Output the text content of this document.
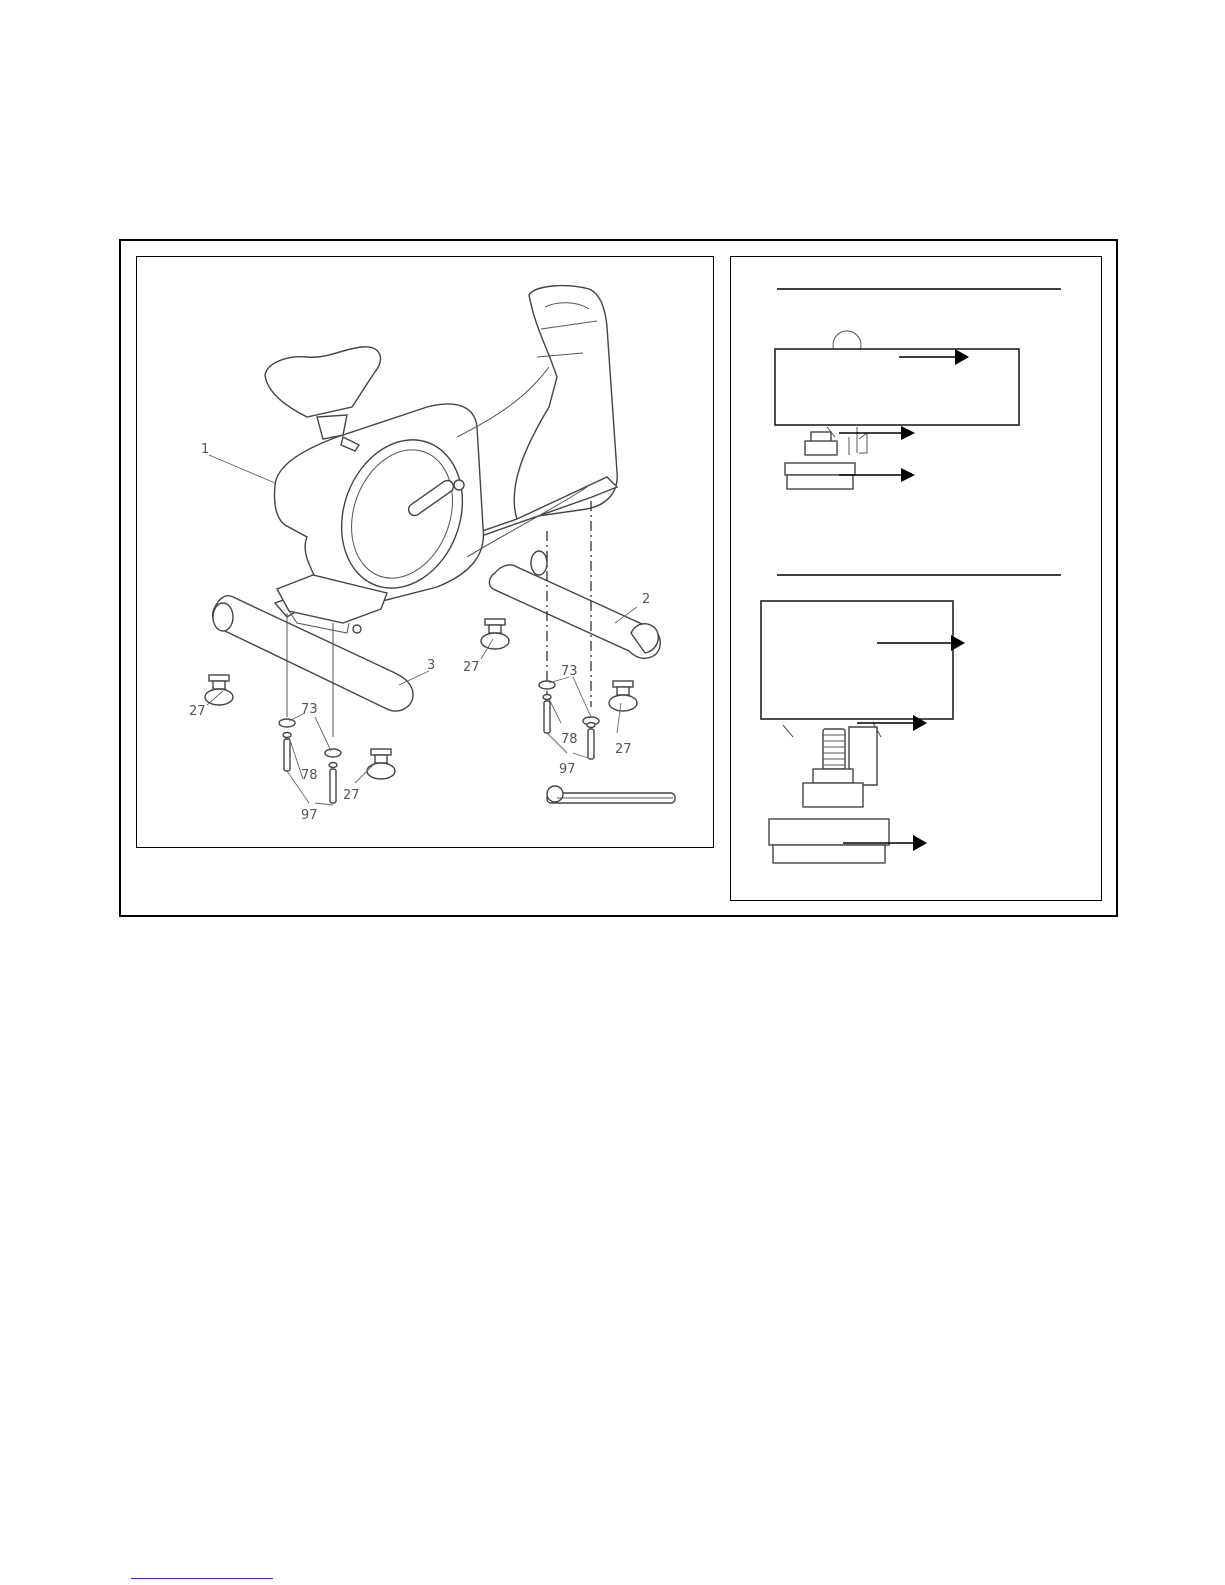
1
2
3
27
27
27
27
73
73
78
78
97
97
